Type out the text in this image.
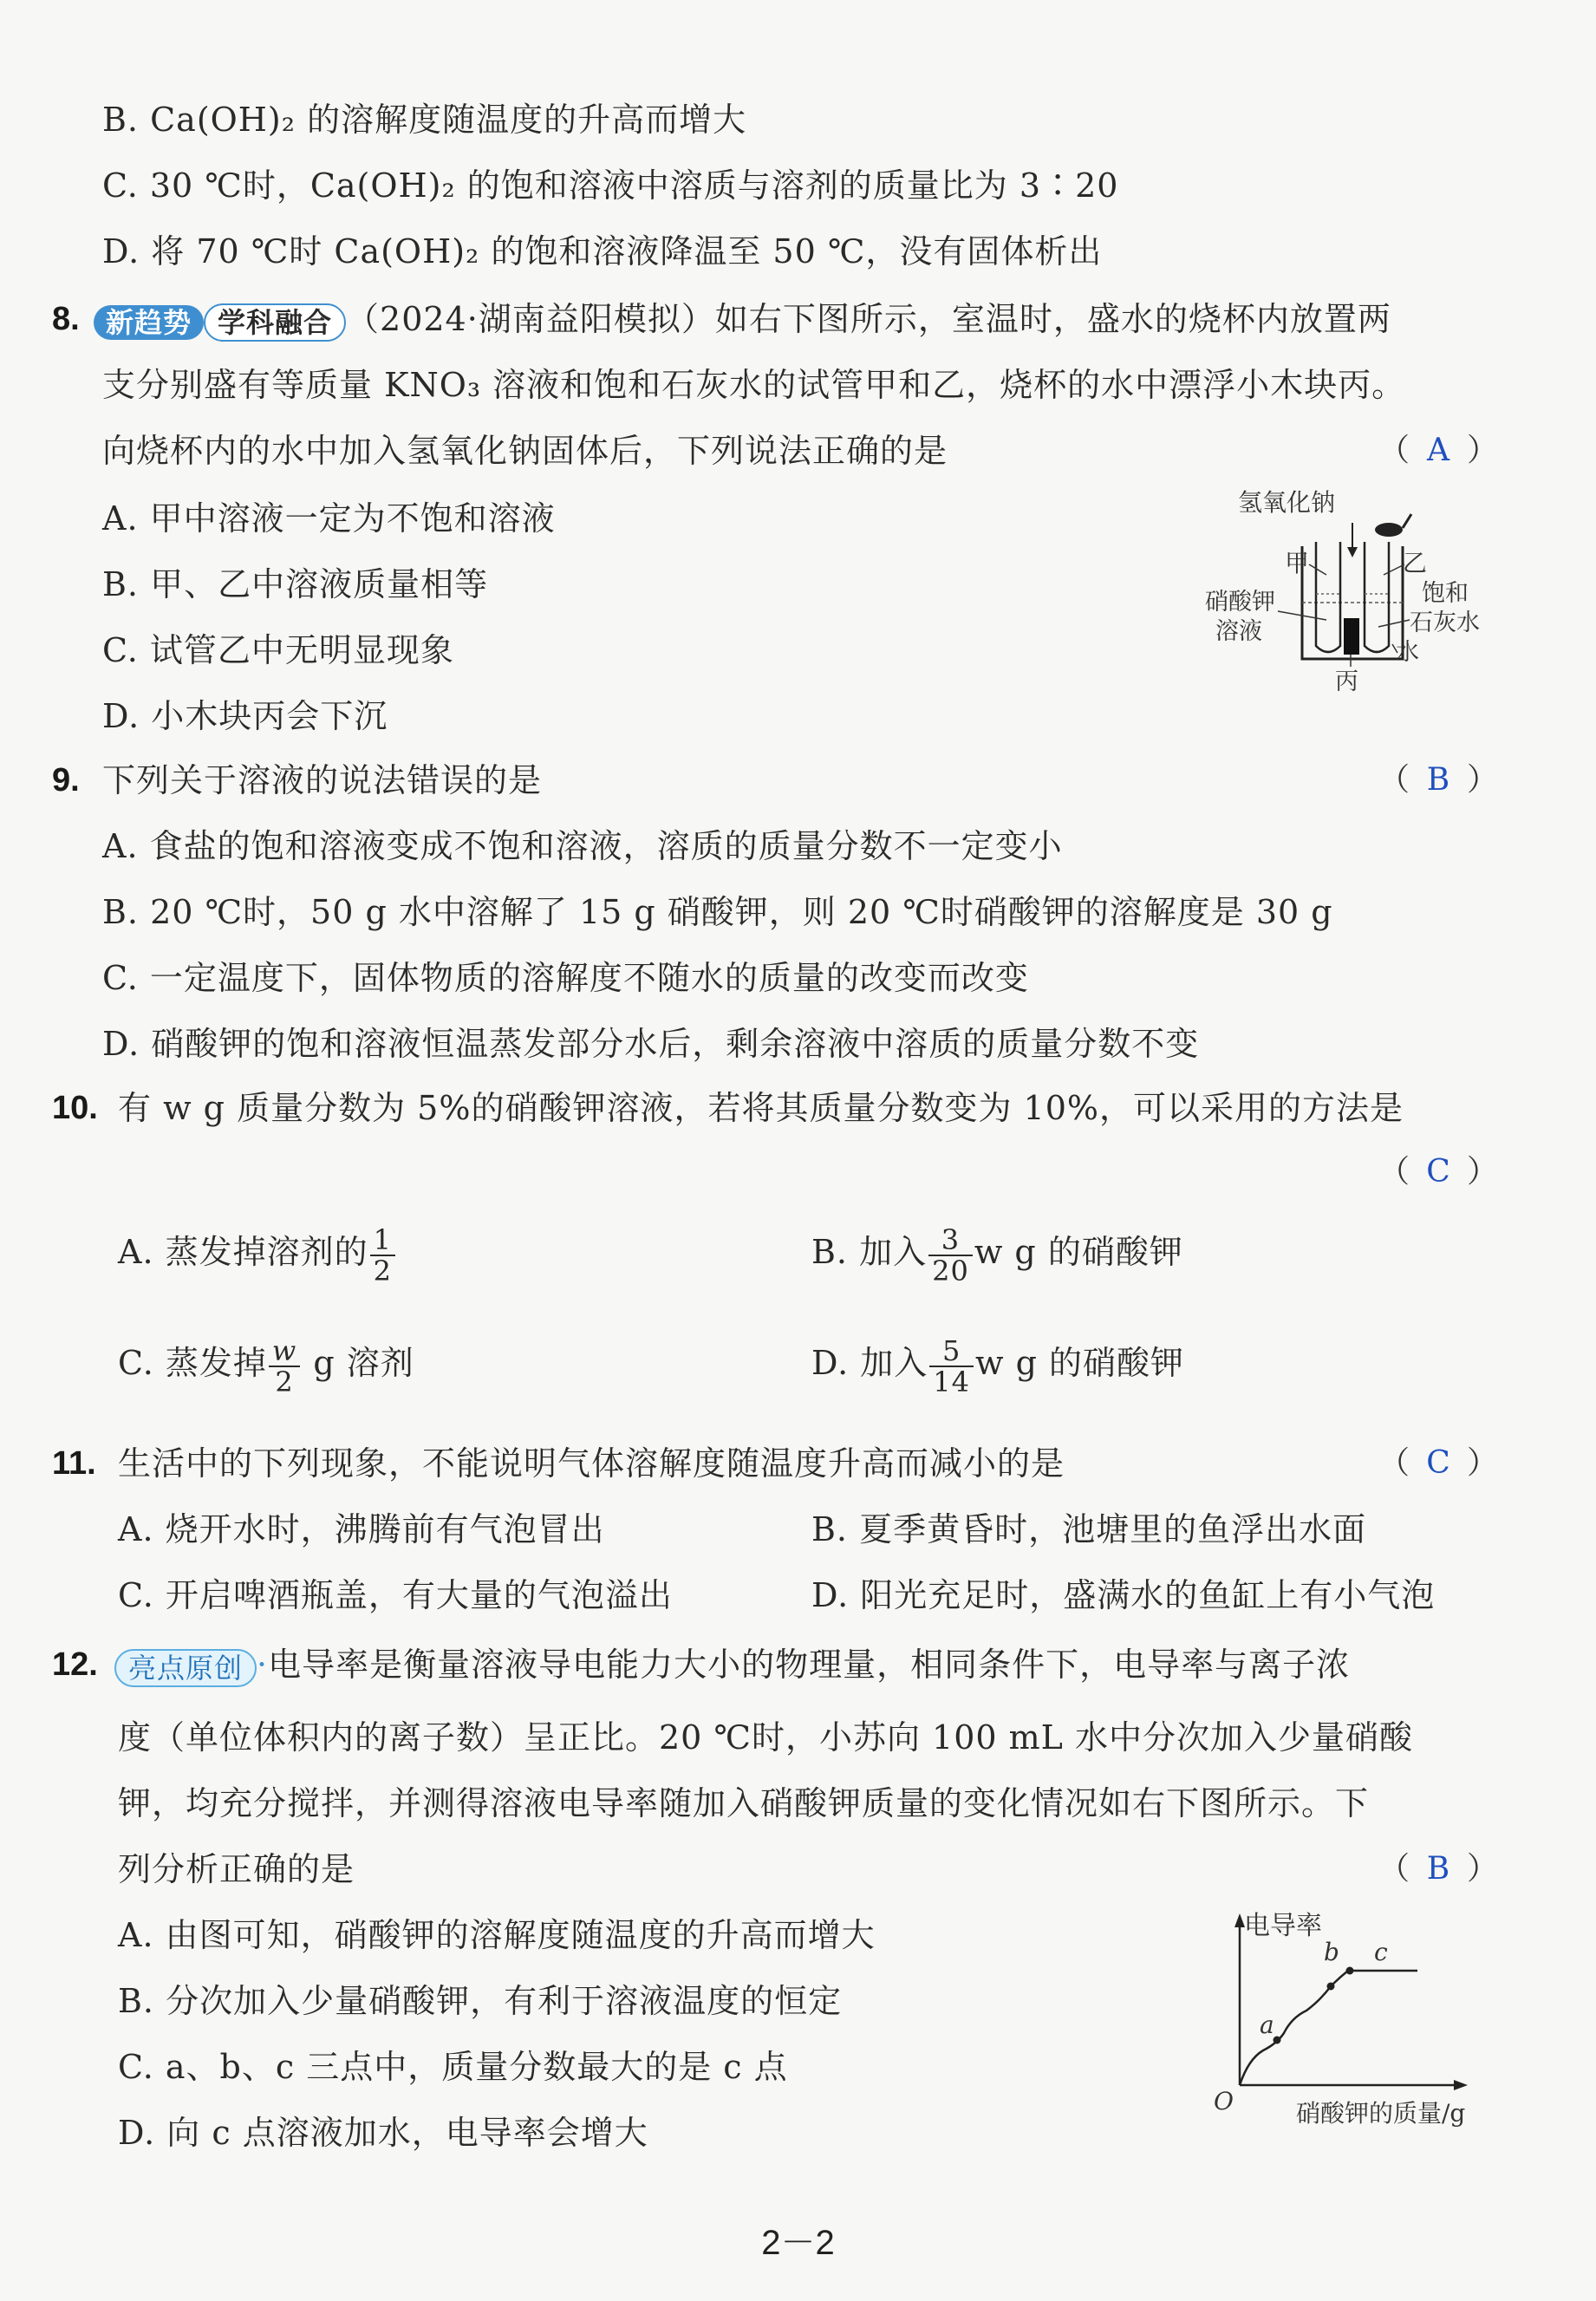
B. Ca(OH)₂ 的溶解度随温度的升高而增大
C. 30 ℃时，Ca(OH)₂ 的饱和溶液中溶质与溶剂的质量比为 3∶20
D. 将 70 ℃时 Ca(OH)₂ 的饱和溶液降温至 50 ℃，没有固体析出
8. 新趋势 学科融合 （2024·湖南益阳模拟）如右下图所示，室温时，盛水的烧杯内放置两
支分别盛有等质量 KNO₃ 溶液和饱和石灰水的试管甲和乙，烧杯的水中漂浮小木块丙。
向烧杯内的水中加入氢氧化钠固体后，下列说法正确的是	（ A ）
A. 甲中溶液一定为不饱和溶液
B. 甲、乙中溶液质量相等
C. 试管乙中无明显现象
D. 小木块丙会下沉
氢氧化钠
甲	乙
硝酸钾
溶液
饱和
石灰水
水
丙
9. 下列关于溶液的说法错误的是	（ B ）
A. 食盐的饱和溶液变成不饱和溶液，溶质的质量分数不一定变小
B. 20 ℃时，50 g 水中溶解了 15 g 硝酸钾，则 20 ℃时硝酸钾的溶解度是 30 g
C. 一定温度下，固体物质的溶解度不随水的质量的改变而改变
D. 硝酸钾的饱和溶液恒温蒸发部分水后，剩余溶液中溶质的质量分数不变
10. 有 w g 质量分数为 5%的硝酸钾溶液，若将其质量分数变为 10%，可以采用的方法是
（ C ）
A. 蒸发掉溶剂的 $\frac{1}{2}$	B. 加入 $\frac{3}{20}$ w g 的硝酸钾
C. 蒸发掉 $\frac{w}{2}$ g 溶剂	D. 加入 $\frac{5}{14}$ w g 的硝酸钾
11. 生活中的下列现象，不能说明气体溶解度随温度升高而减小的是	（ C ）
A. 烧开水时，沸腾前有气泡冒出	B. 夏季黄昏时，池塘里的鱼浮出水面
C. 开启啤酒瓶盖，有大量的气泡溢出	D. 阳光充足时，盛满水的鱼缸上有小气泡
12.	亮点原创 ·电导率是衡量溶液导电能力大小的物理量，相同条件下，电导率与离子浓
度（单位体积内的离子数）呈正比。20 ℃时，小苏向 100 mL 水中分次加入少量硝酸
钾，均充分搅拌，并测得溶液电导率随加入硝酸钾质量的变化情况如右下图所示。下
列分析正确的是	（ B ）
A. 由图可知，硝酸钾的溶解度随温度的升高而增大
B. 分次加入少量硝酸钾，有利于溶液温度的恒定
C. a、b、c 三点中，质量分数最大的是 c 点
D. 向 c 点溶液加水，电导率会增大
电导率
硝酸钾的质量/g
O
a
b c
2－2
